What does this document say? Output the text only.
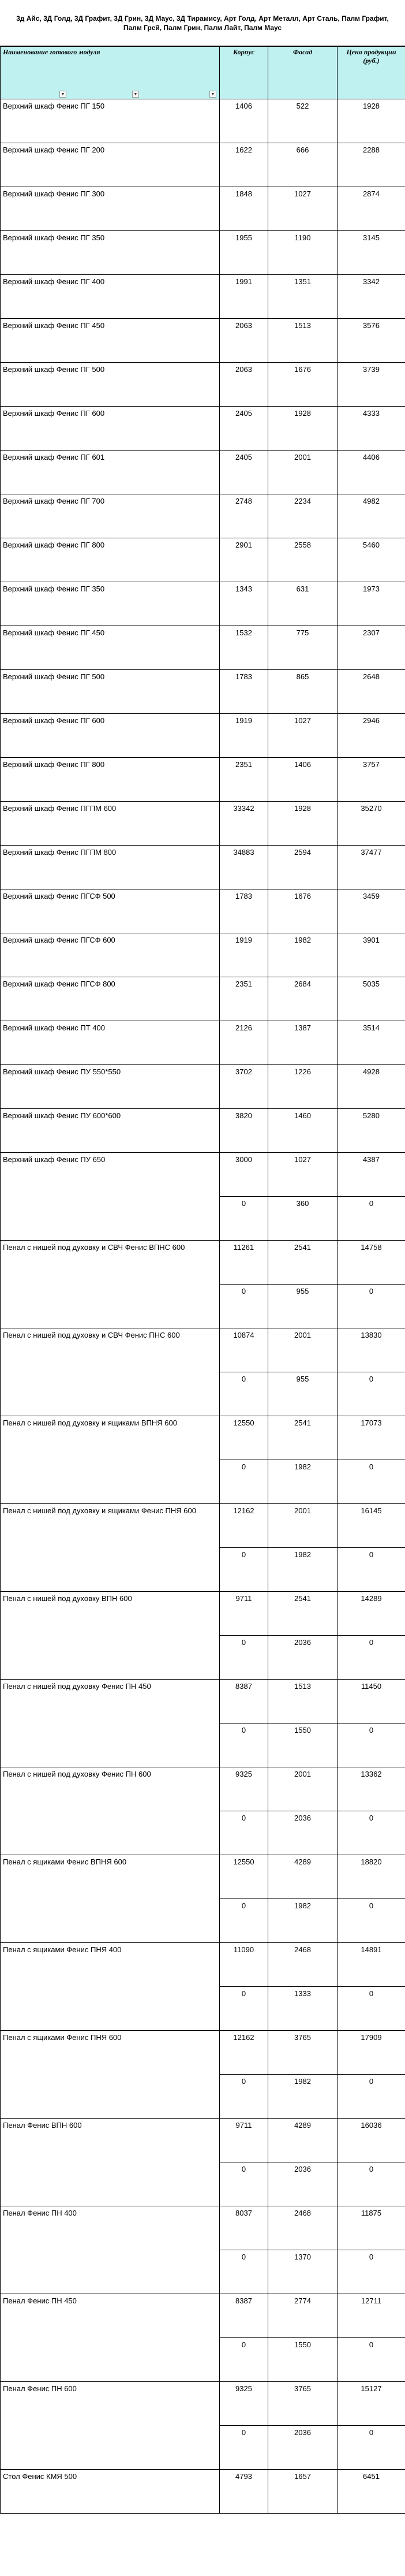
3д Айс, 3Д Голд, 3Д Графит, 3Д Грин, 3Д Маус, 3Д Тирамису, Арт Голд, Арт Металл, Арт Сталь, Палм Графит, Палм Грей, Палм Грин, Палм Лайт, Палм Маус
Наименование готового модуля
▼ ▼ ▼	Корпус	Фасад	Цена продукции (руб.)
Верхний шкаф Фенис ПГ 150	1406	522	1928
Верхний шкаф Фенис ПГ 200	1622	666	2288
Верхний шкаф Фенис ПГ 300	1848	1027	2874
Верхний шкаф Фенис ПГ 350	1955	1190	3145
Верхний шкаф Фенис ПГ 400	1991	1351	3342
Верхний шкаф Фенис ПГ 450	2063	1513	3576
Верхний шкаф Фенис ПГ 500	2063	1676	3739
Верхний шкаф Фенис ПГ 600	2405	1928	4333
Верхний шкаф Фенис ПГ 601	2405	2001	4406
Верхний шкаф Фенис ПГ 700	2748	2234	4982
Верхний шкаф Фенис ПГ 800	2901	2558	5460
Верхний шкаф Фенис ПГ 350	1343	631	1973
Верхний шкаф Фенис ПГ 450	1532	775	2307
Верхний шкаф Фенис ПГ 500	1783	865	2648
Верхний шкаф Фенис ПГ 600	1919	1027	2946
Верхний шкаф Фенис ПГ 800	2351	1406	3757
Верхний шкаф Фенис ПГПМ 600	33342	1928	35270
Верхний шкаф Фенис ПГПМ 800	34883	2594	37477
Верхний шкаф Фенис ПГСФ 500	1783	1676	3459
Верхний шкаф Фенис ПГСФ 600	1919	1982	3901
Верхний шкаф Фенис ПГСФ 800	2351	2684	5035
Верхний шкаф Фенис ПТ 400	2126	1387	3514
Верхний шкаф Фенис ПУ 550*550	3702	1226	4928
Верхний шкаф Фенис ПУ 600*600	3820	1460	5280
Верхний шкаф Фенис ПУ 650	3000	1027	4387
	0	360	0
Пенал с нишей под духовку и СВЧ Фенис ВПНС 600	11261	2541	14758
	0	955	0
Пенал с нишей под духовку и СВЧ Фенис ПНС 600	10874	2001	13830
	0	955	0
Пенал с нишей под духовку и ящиками ВПНЯ 600	12550	2541	17073
	0	1982	0
Пенал с нишей под духовку и ящиками Фенис ПНЯ 600	12162	2001	16145
	0	1982	0
Пенал с нишей под духовку ВПН 600	9711	2541	14289
	0	2036	0
Пенал с нишей под духовку Фенис ПН 450	8387	1513	11450
	0	1550	0
Пенал с нишей под духовку Фенис ПН 600	9325	2001	13362
	0	2036	0
Пенал с ящиками Фенис ВПНЯ 600	12550	4289	18820
	0	1982	0
Пенал с ящиками Фенис ПНЯ 400	11090	2468	14891
	0	1333	0
Пенал с ящиками Фенис ПНЯ 600	12162	3765	17909
	0	1982	0
Пенал Фенис ВПН 600	9711	4289	16036
	0	2036	0
Пенал Фенис ПН 400	8037	2468	11875
	0	1370	0
Пенал Фенис ПН 450	8387	2774	12711
	0	1550	0
Пенал Фенис ПН 600	9325	3765	15127
	0	2036	0
Стол Фенис КМЯ 500	4793	1657	6451
